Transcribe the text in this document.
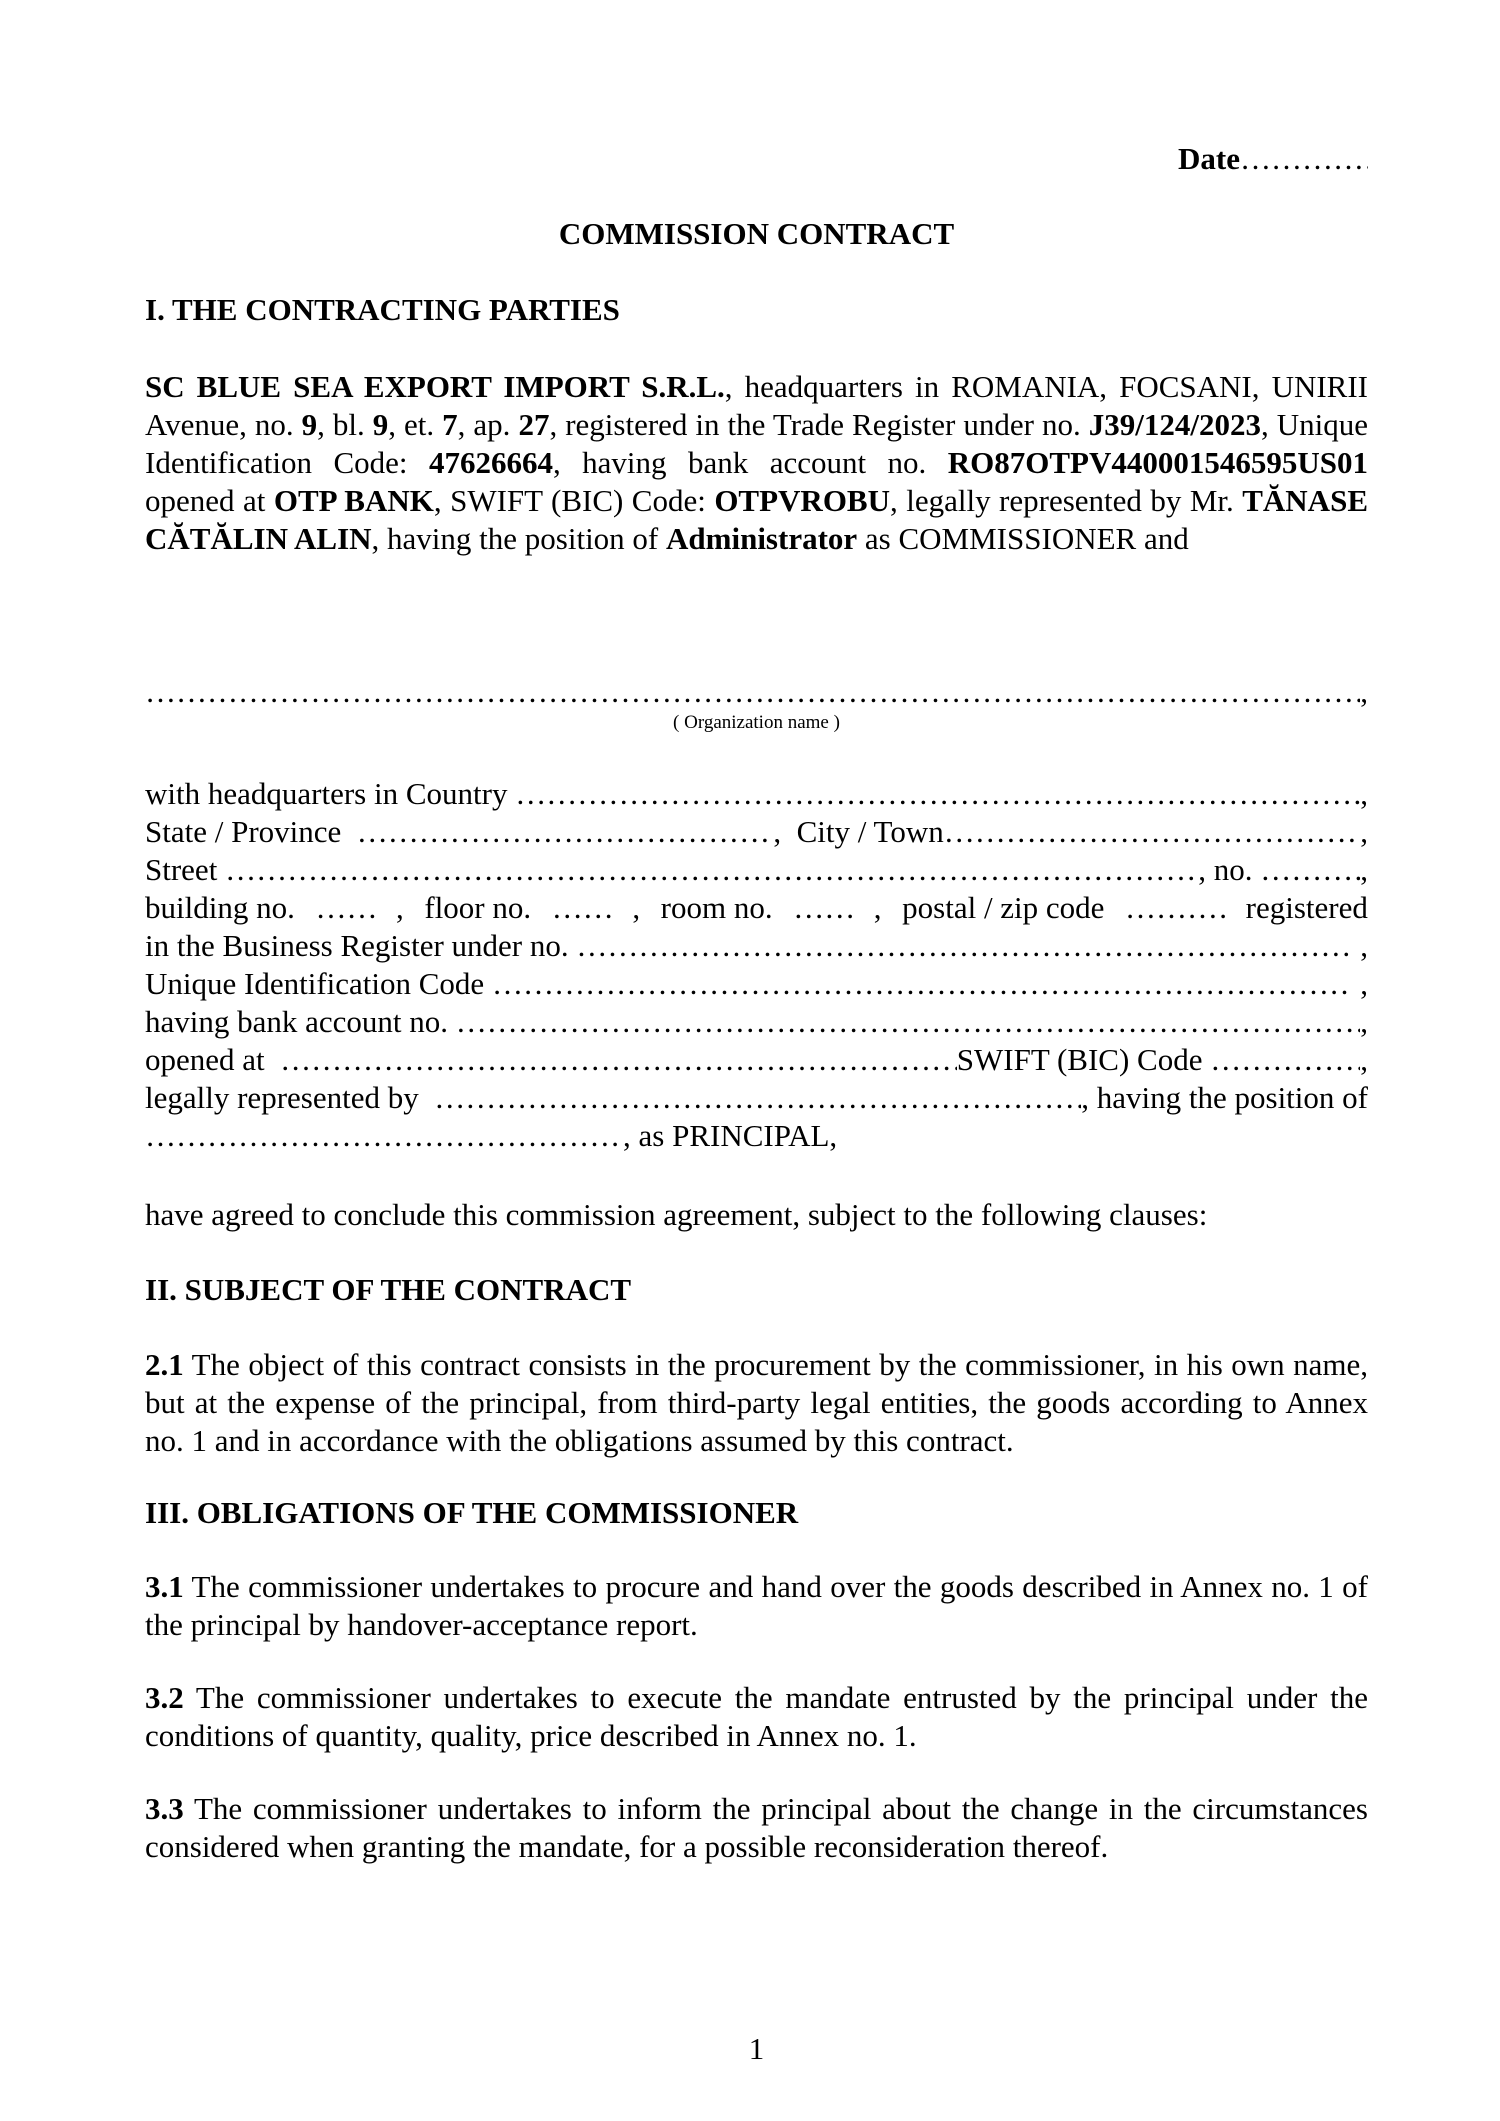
Date……………………………………………………………………………………………………………………………………………………………………………………………………………
COMMISSION CONTRACT
I. THE CONTRACTING PARTIES
SC BLUE SEA EXPORT IMPORT S.R.L., headquarters in ROMANIA, FOCSANI, UNIRII Avenue, no. 9, bl. 9, et. 7, ap. 27, registered in the Trade Register under no. J39/124/2023, Unique Identification Code: 47626664, having bank account no. RO87OTPV440001546595US01 opened at OTP BANK, SWIFT (BIC) Code: OTPVROBU, legally represented by Mr. TĂNASE CĂTĂLIN ALIN, having the position of Administrator as COMMISSIONER and
……………………………………………………………………………………………………………………………………………………………………………………………………………
,
( Organization name )
with headquarters in Country
……………………………………………………………………………………………………………………………………………………………………………………………………………	,
State / Province
……………………………………………………………………………………………………………………………………………………………………………………………………………	, City / Town ……………………………………………………………………………………………………………………………………………………………………………………………………………	,
Street
……………………………………………………………………………………………………………………………………………………………………………………………………………	, no.
……………………………………………………………………………………………………………………………………………………………………………………………………………	,
building no. ……………………………………………………………………………………………………………………………………………………………………………………………………………	, floor no. ……………………………………………………………………………………………………………………………………………………………………………………………………………	, room no. ……………………………………………………………………………………………………………………………………………………………………………………………………………	, postal / zip code ……………………………………………………………………………………………………………………………………………………………………………………………………………	registered
in the Business Register under no.
……………………………………………………………………………………………………………………………………………………………………………………………………………	,
Unique Identification Code
……………………………………………………………………………………………………………………………………………………………………………………………………………	,
having bank account no.
……………………………………………………………………………………………………………………………………………………………………………………………………………	,
opened at
……………………………………………………………………………………………………………………………………………………………………………………………………………	SWIFT (BIC) Code
……………………………………………………………………………………………………………………………………………………………………………………………………………	,
legally represented by
……………………………………………………………………………………………………………………………………………………………………………………………………………	, having the position of
……………………………………………………………………………………………………………………………………………………………………………………………………………
, as PRINCIPAL,
have agreed to conclude this commission agreement, subject to the following clauses:
II. SUBJECT OF THE CONTRACT
2.1 The object of this contract consists in the procurement by the commissioner, in his own name, but at the expense of the principal, from third-party legal entities, the goods according to Annex no. 1 and in accordance with the obligations assumed by this contract.
III. OBLIGATIONS OF THE COMMISSIONER
3.1 The commissioner undertakes to procure and hand over the goods described in Annex no. 1 of the principal by handover-acceptance report.
3.2 The commissioner undertakes to execute the mandate entrusted by the principal under the conditions of quantity, quality, price described in Annex no. 1.
3.3 The commissioner undertakes to inform the principal about the change in the circumstances considered when granting the mandate, for a possible reconsideration thereof.
1
